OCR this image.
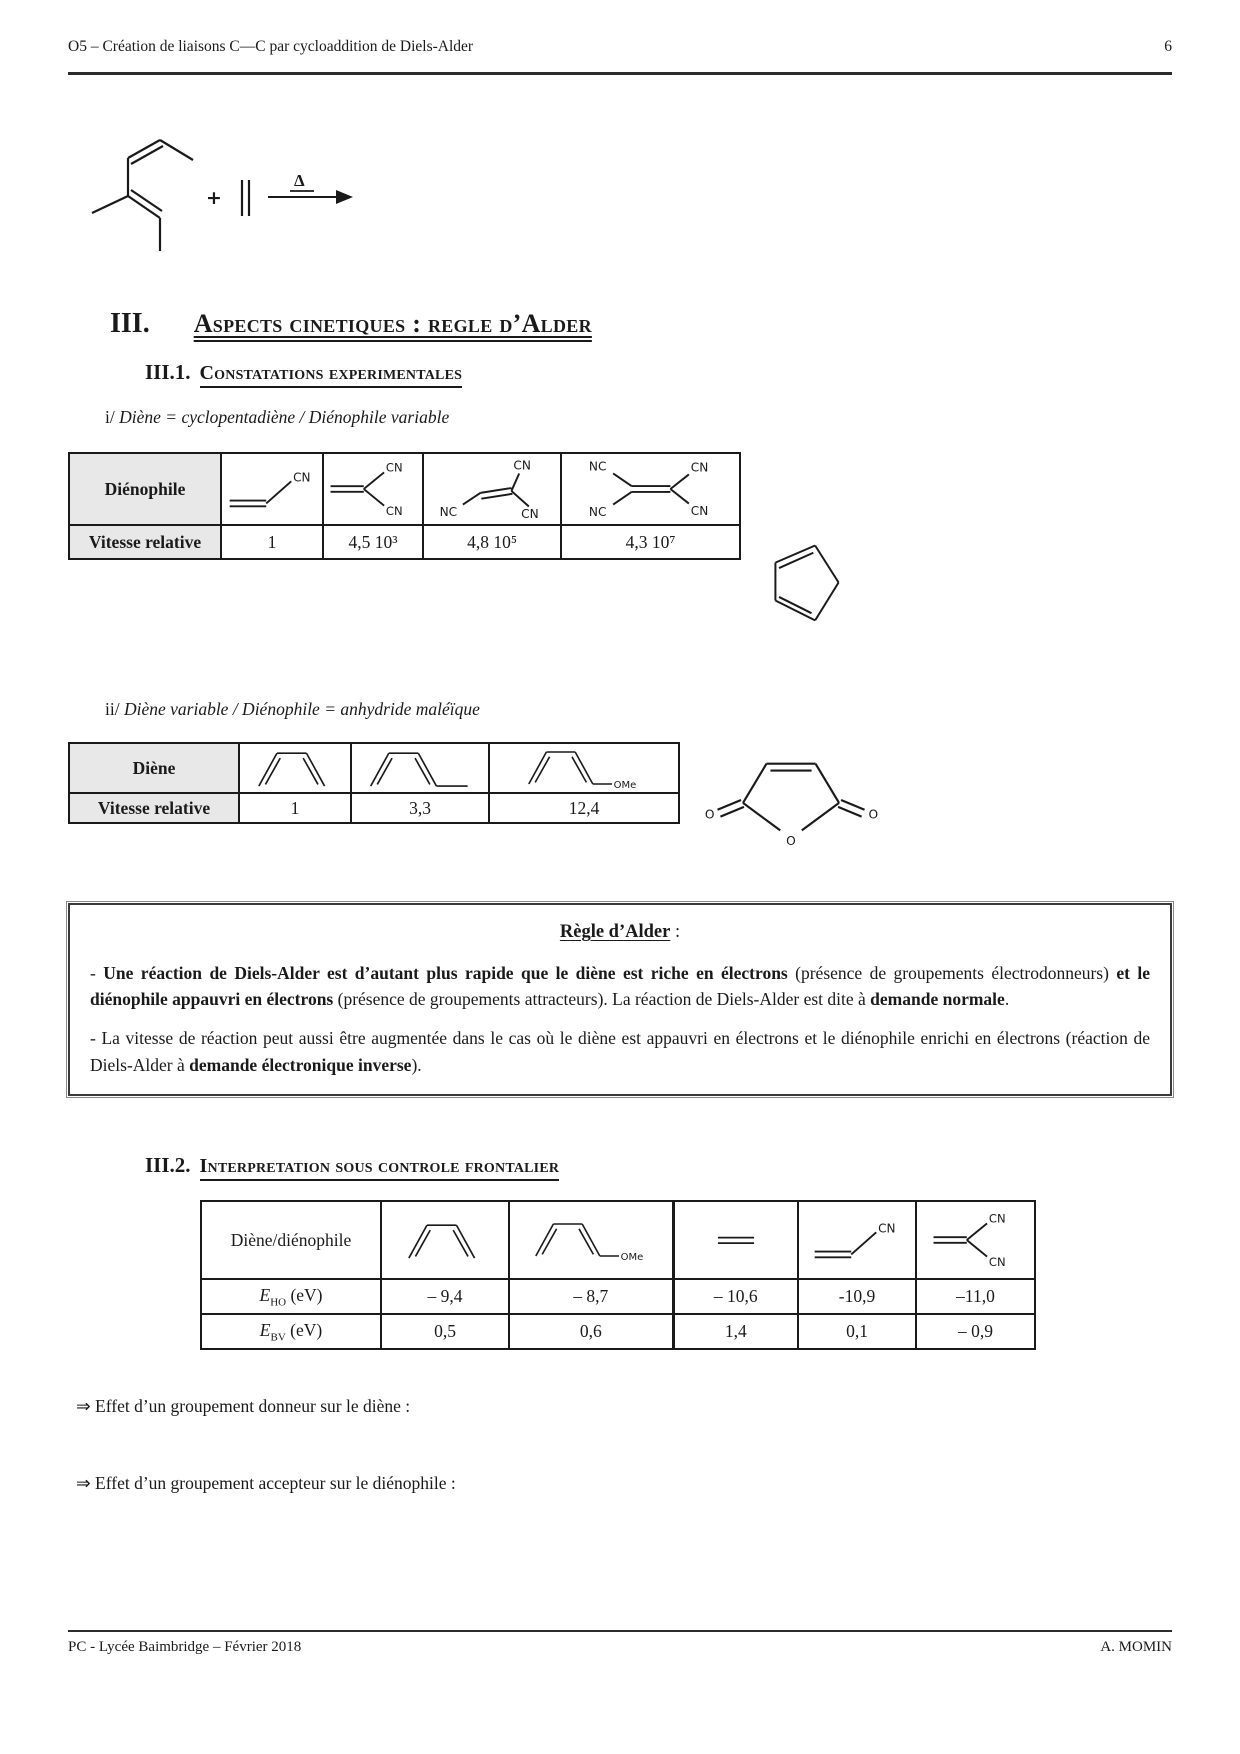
O5 – Création de liaisons C—C par cycloaddition de Diels-Alder	6
+
Δ
III. Aspects cinetiques : regle d’Alder
III.1. Constatations experimentales
i/ Diène = cyclopentadiène / Diénophile variable
Diénophile	CN	CN
CN	NC
CN
CN	NC
NC
CN
CN

Vitesse relative	1	4,5 10³	4,8 10⁵	4,3 10⁷
ii/ Diène variable / Diénophile = anhydride maléïque
Diène			OMe

Vitesse relative	1	3,3	12,4
O
O	O
Règle d’Alder :

- Une réaction de Diels-Alder est d’autant plus rapide que le diène est riche en électrons (présence de groupements électrodonneurs) et le diénophile appauvri en électrons (présence de groupements attracteurs). La réaction de Diels-Alder est dite à demande normale.

- La vitesse de réaction peut aussi être augmentée dans le cas où le diène est appauvri en électrons et le diénophile enrichi en électrons (réaction de Diels-Alder à demande électronique inverse).

III.2. Interpretation sous controle frontalier
Diène/diénophile		OMe		CN	CN
CN

$E_{HO}$ (eV)	– 9,4	– 8,7	– 10,6	-10,9	–11,0
$E_{BV}$ (eV)	0,5	0,6	1,4	0,1	– 0,9
⇒ Effet d’un groupement donneur sur le diène :
⇒ Effet d’un groupement accepteur sur le diénophile :
PC - Lycée Baimbridge – Février 2018	A. MOMIN
